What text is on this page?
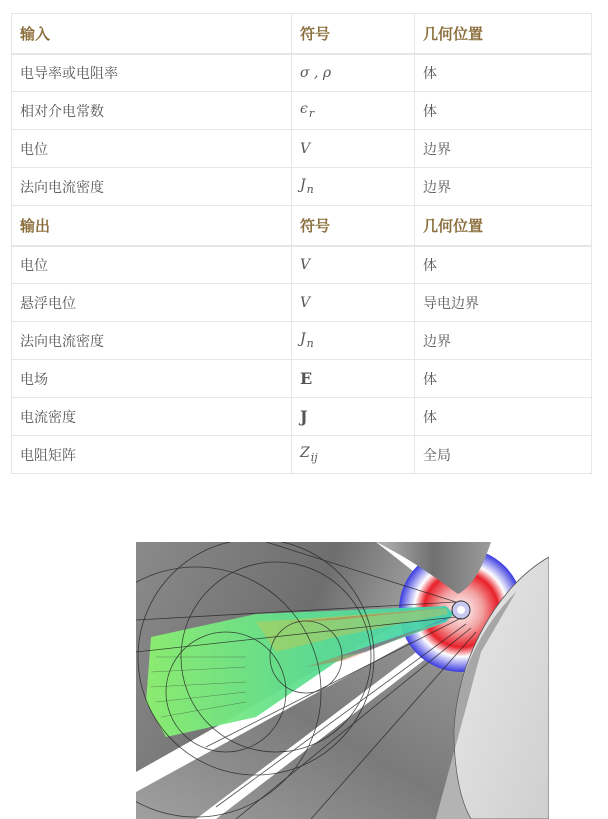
输入	符号	几何位置
电导率或电阻率	σ , ρ	体
相对介电常数	$\epsilon_r$	体
电位	V	边界
法向电流密度	$J_n$	边界
输出	符号	几何位置
电位	V	体
悬浮电位	V	导电边界
法向电流密度	$J_n$	边界
电场	E	体
电流密度	J	体
电阻矩阵	$Z_{ij}$	全局
